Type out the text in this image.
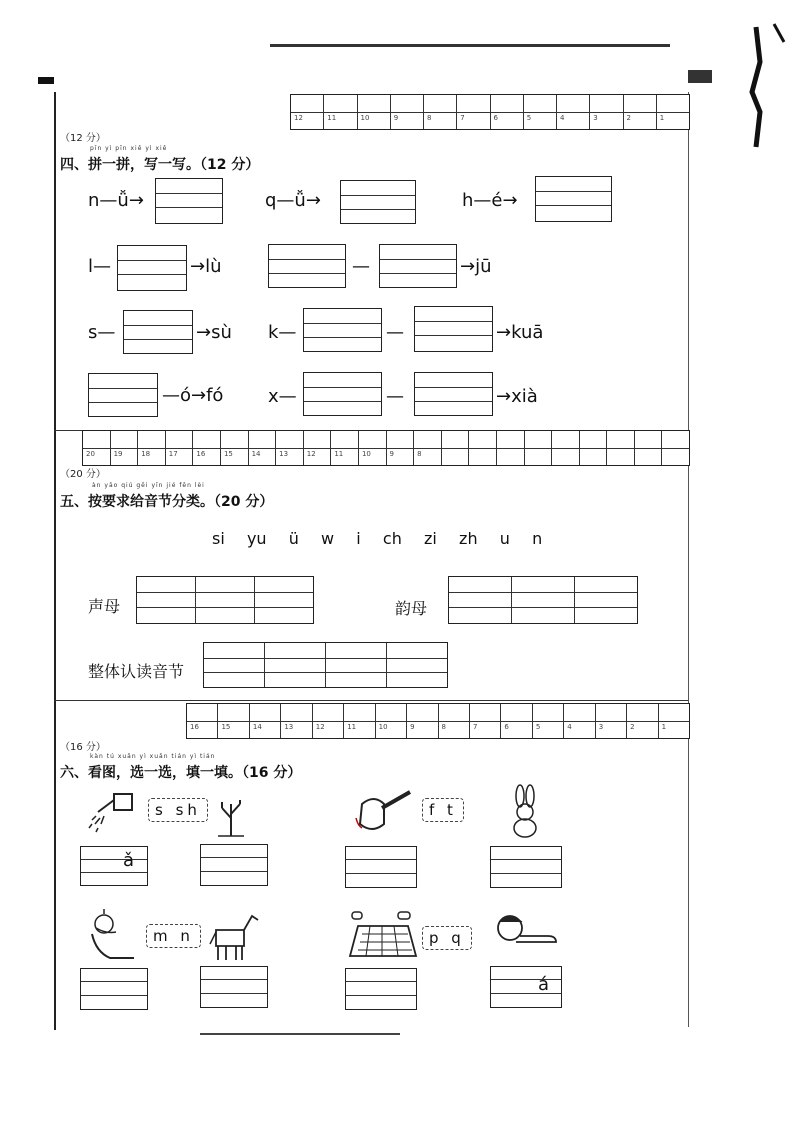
12	11	10	9	8	7	6	5	4	3	2	1
（12 分）
pīn yì pīn xiě yì xiě
四、拼一拼，写一写。（12 分）
n—ǚ→	q—ǚ→	h—é→
l—	→lù	—	→jū
s—	→sù k—	—	→kuā
—ó→fó x—	—	→xià
20	19	18	17	16	15	14	13	12	11	10	9	8
（20 分）
àn yāo qiú gěi yīn jié fēn lèi
五、按要求给音节分类。（20 分）
si  yu  ü  w  i  ch  zi  zh  u  n
声母	韵母
整体认读音节
16	15	14	13	12	11	10	9	8	7	6	5	4	3	2	1
（16 分）
kàn tú xuǎn yì xuǎn tián yì tián
六、看图，选一选，填一填。（16 分）
s sh
ǎ
f t
m n	p q
á
